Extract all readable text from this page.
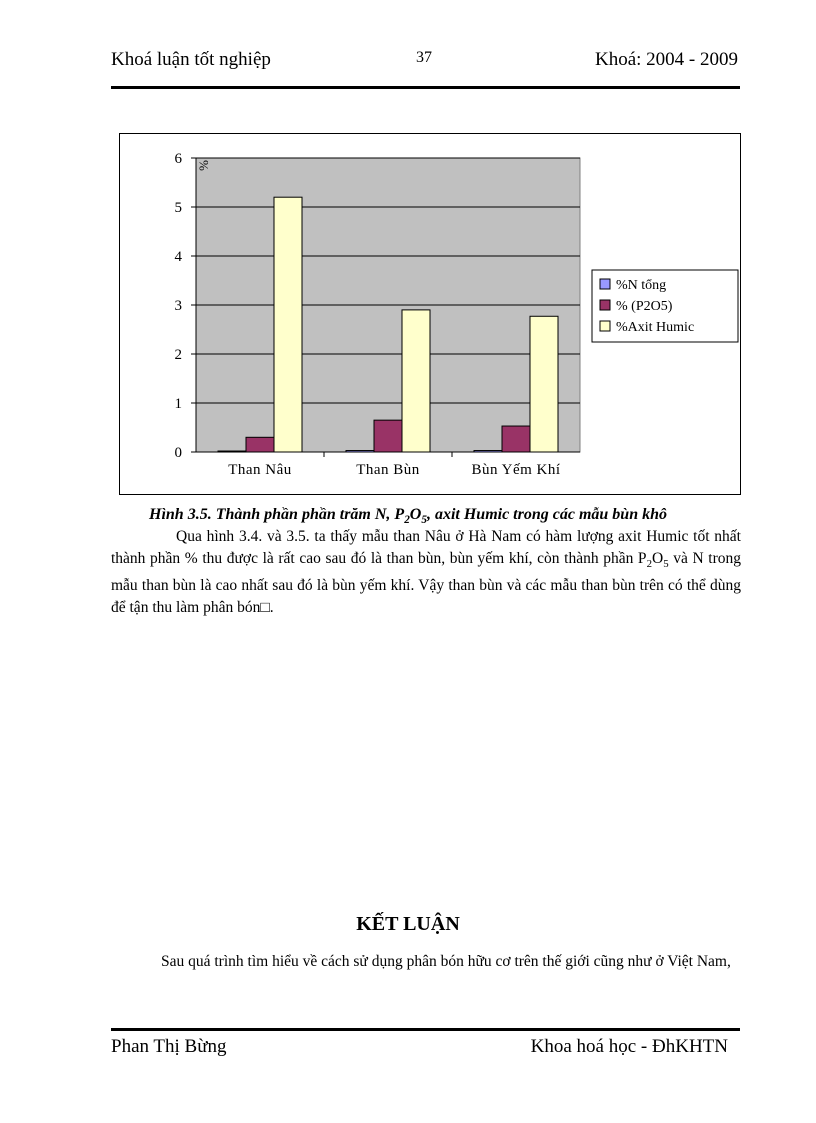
Khoá luận tốt nghiệp	37	Khoá: 2004 - 2009
0
1
2
3
4
5
6 %
Than Nâu	Than Bùn	Bùn Yếm Khí
%N tổng
% (P2O5)
%Axit Humic
Hình 3.5. Thành phần phần trăm N, $P_2O_5$, axit Humic trong các mẫu bùn khô

Qua hình 3.4. và 3.5. ta thấy mẫu than Nâu ở Hà Nam có hàm lượng axit Humic tốt nhất thành phần % thu được là rất cao sau đó là than bùn, bùn yếm khí, còn thành phần $P_2O_5$ và N trong mẫu than bùn là cao nhất sau đó là bùn yếm khí. Vậy than bùn và các mẫu than bùn trên có thể dùng để tận thu làm phân bón□.

KẾT LUẬN

Sau quá trình tìm hiểu về cách sử dụng phân bón hữu cơ trên thế giới cũng như ở Việt Nam,

Phan Thị Bừng	Khoa hoá học - ĐhKHTN
